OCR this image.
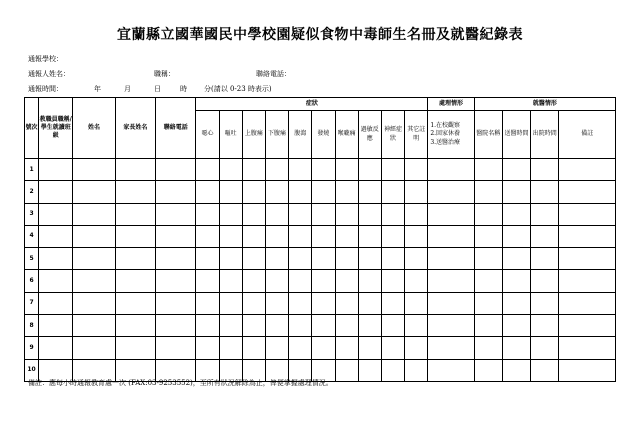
宜蘭縣立國華國民中學校園疑似食物中毒師生名冊及就醫紀錄表
通報學校：
通報人姓名：	職稱：	聯絡電話：
通報時間：	年	月	日	時 分(請以 0-23 時表示)
號次	教職員職稱/學生就讀班級	姓名	家長姓名	聯絡電話	症狀										處理情形	就醫情形			
					噁心	嘔吐	上腹痛	下腹痛	腹瀉	發燒	喉嚨痛	過敏反應	神經症狀	其它註明	1.在校觀察
2.回家休養
3.送醫治療	醫院名稱	送醫時間	出院時間	備註
1																			
2																			
3																			
4																			
5																			
6																			
7																			
8																			
9																			
10																			
備註：應每小時通報教育處一次 (FAX:03-9253552)，至所有狀況解除為止，俾便掌握處理情況。
